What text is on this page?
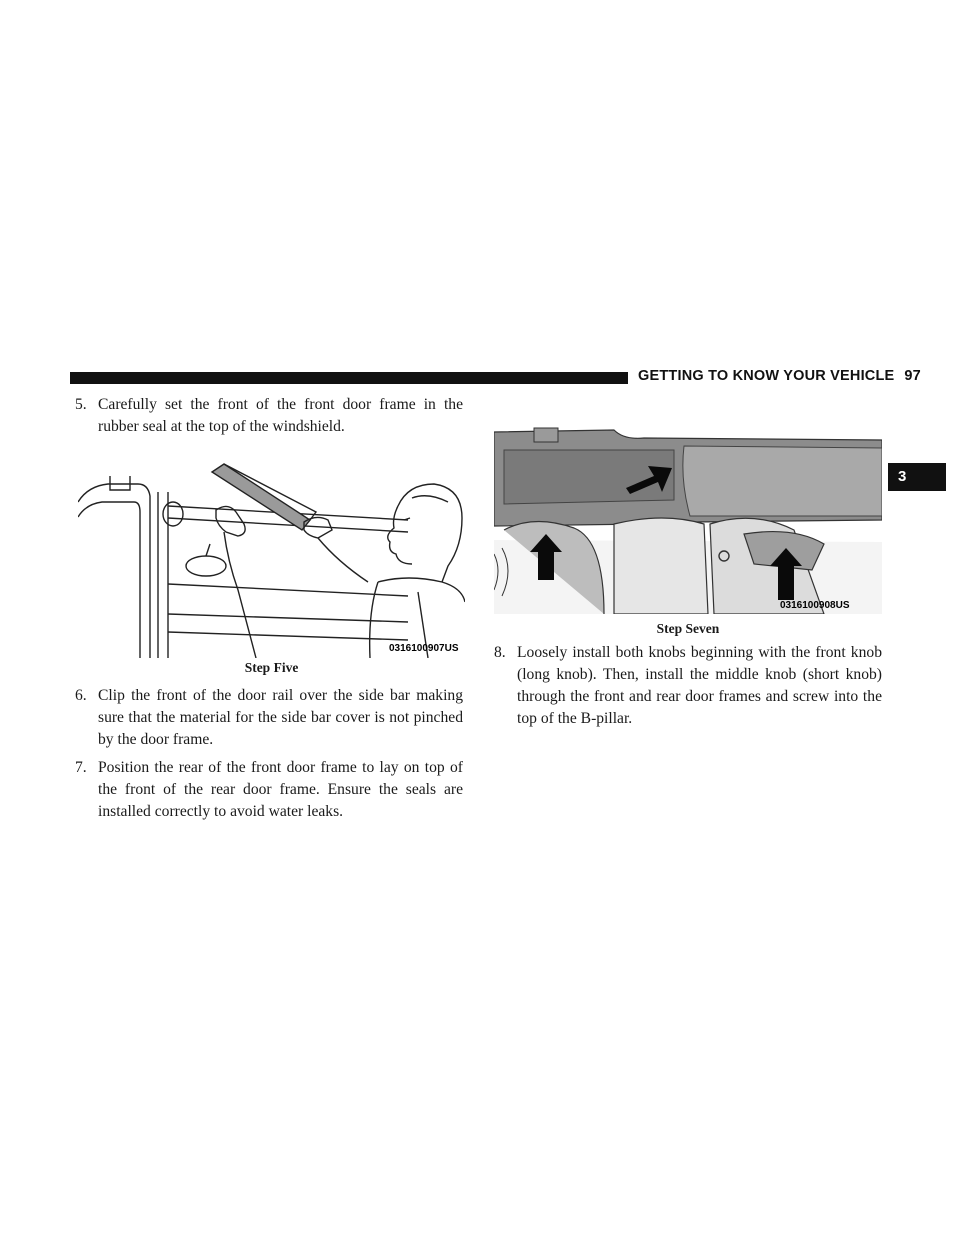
GETTING TO KNOW YOUR VEHICLE 97
3
5. Carefully set the front of the front door frame in the rubber seal at the top of the windshield.
0316100907US
Step Five
6. Clip the front of the door rail over the side bar making sure that the material for the side bar cover is not pinched by the door frame.
7. Position the rear of the front door frame to lay on top of the front of the rear door frame. Ensure the seals are installed correctly to avoid water leaks.
0316100908US
Step Seven
8. Loosely install both knobs beginning with the front knob (long knob). Then, install the middle knob (short knob) through the front and rear door frames and screw into the top of the B-pillar.
